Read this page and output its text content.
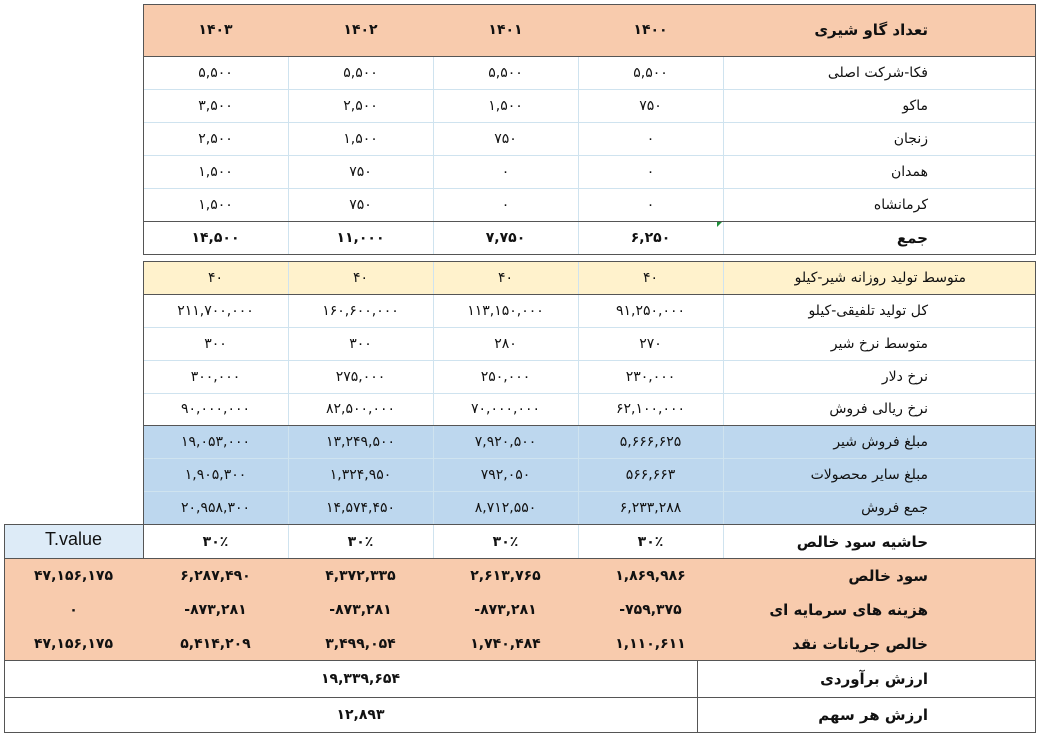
تعداد گاو شیری
۱۴۰۰
۱۴۰۱
۱۴۰۲
۱۴۰۳
فکا-شرکت اصلی
۵,۵۰۰
۵,۵۰۰
۵,۵۰۰
۵,۵۰۰
ماکو
۷۵۰
۱,۵۰۰
۲,۵۰۰
۳,۵۰۰
زنجان
۰
۷۵۰
۱,۵۰۰
۲,۵۰۰
همدان
۰
۰
۷۵۰
۱,۵۰۰
کرمانشاه
۰
۰
۷۵۰
۱,۵۰۰
جمع
۶,۲۵۰
۷,۷۵۰
۱۱,۰۰۰
۱۴,۵۰۰
متوسط تولید روزانه شیر-کیلو
۴۰
۴۰
۴۰
۴۰
کل تولید تلفیقی-کیلو
۹۱,۲۵۰,۰۰۰
۱۱۳,۱۵۰,۰۰۰
۱۶۰,۶۰۰,۰۰۰
۲۱۱,۷۰۰,۰۰۰
متوسط نرخ شیر
۲۷۰
۲۸۰
۳۰۰
۳۰۰
نرخ دلار
۲۳۰,۰۰۰
۲۵۰,۰۰۰
۲۷۵,۰۰۰
۳۰۰,۰۰۰
نرخ ریالی فروش
۶۲,۱۰۰,۰۰۰
۷۰,۰۰۰,۰۰۰
۸۲,۵۰۰,۰۰۰
۹۰,۰۰۰,۰۰۰
مبلغ فروش شیر
۵,۶۶۶,۶۲۵
۷,۹۲۰,۵۰۰
۱۳,۲۴۹,۵۰۰
۱۹,۰۵۳,۰۰۰
مبلغ سایر محصولات
۵۶۶,۶۶۳
۷۹۲,۰۵۰
۱,۳۲۴,۹۵۰
۱,۹۰۵,۳۰۰
جمع فروش
۶,۲۳۳,۲۸۸
۸,۷۱۲,۵۵۰
۱۴,۵۷۴,۴۵۰
۲۰,۹۵۸,۳۰۰
T.value	حاشیه سود خالص
۳۰٪
۳۰٪
۳۰٪
۳۰٪
سود خالص
۱,۸۶۹,۹۸۶
۲,۶۱۳,۷۶۵
۴,۳۷۲,۳۳۵
۶,۲۸۷,۴۹۰
۴۷,۱۵۶,۱۷۵
هزینه های سرمایه ای
-۷۵۹,۳۷۵
-۸۷۳,۲۸۱
-۸۷۳,۲۸۱
-۸۷۳,۲۸۱
۰
خالص جریانات نقد
۱,۱۱۰,۶۱۱
۱,۷۴۰,۴۸۴
۳,۴۹۹,۰۵۴
۵,۴۱۴,۲۰۹
۴۷,۱۵۶,۱۷۵
ارزش برآوردی
۱۹,۳۳۹,۶۵۴
ارزش هر سهم
۱۲,۸۹۳
